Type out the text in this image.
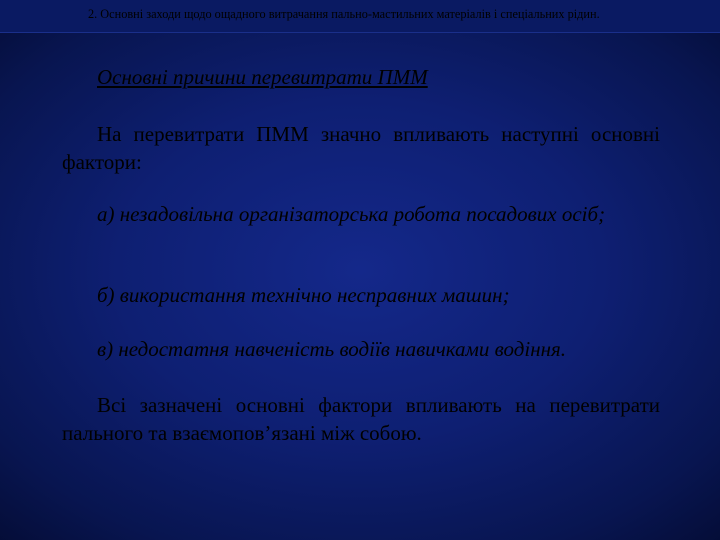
2. Основні заходи щодо ощадного витрачання пально-мастильних матеріалів і спеціальних рідин.
Основні причини перевитрати ПММ
На перевитрати ПММ значно впливають наступні основні фактори:
а) незадовільна організаторська робота посадових осіб;
б) використання технічно несправних машин;
в) недостатня навченість водіїв навичками водіння.
Всі зазначені основні фактори впливають на перевитрати пального та взаємопов’язані між собою.
